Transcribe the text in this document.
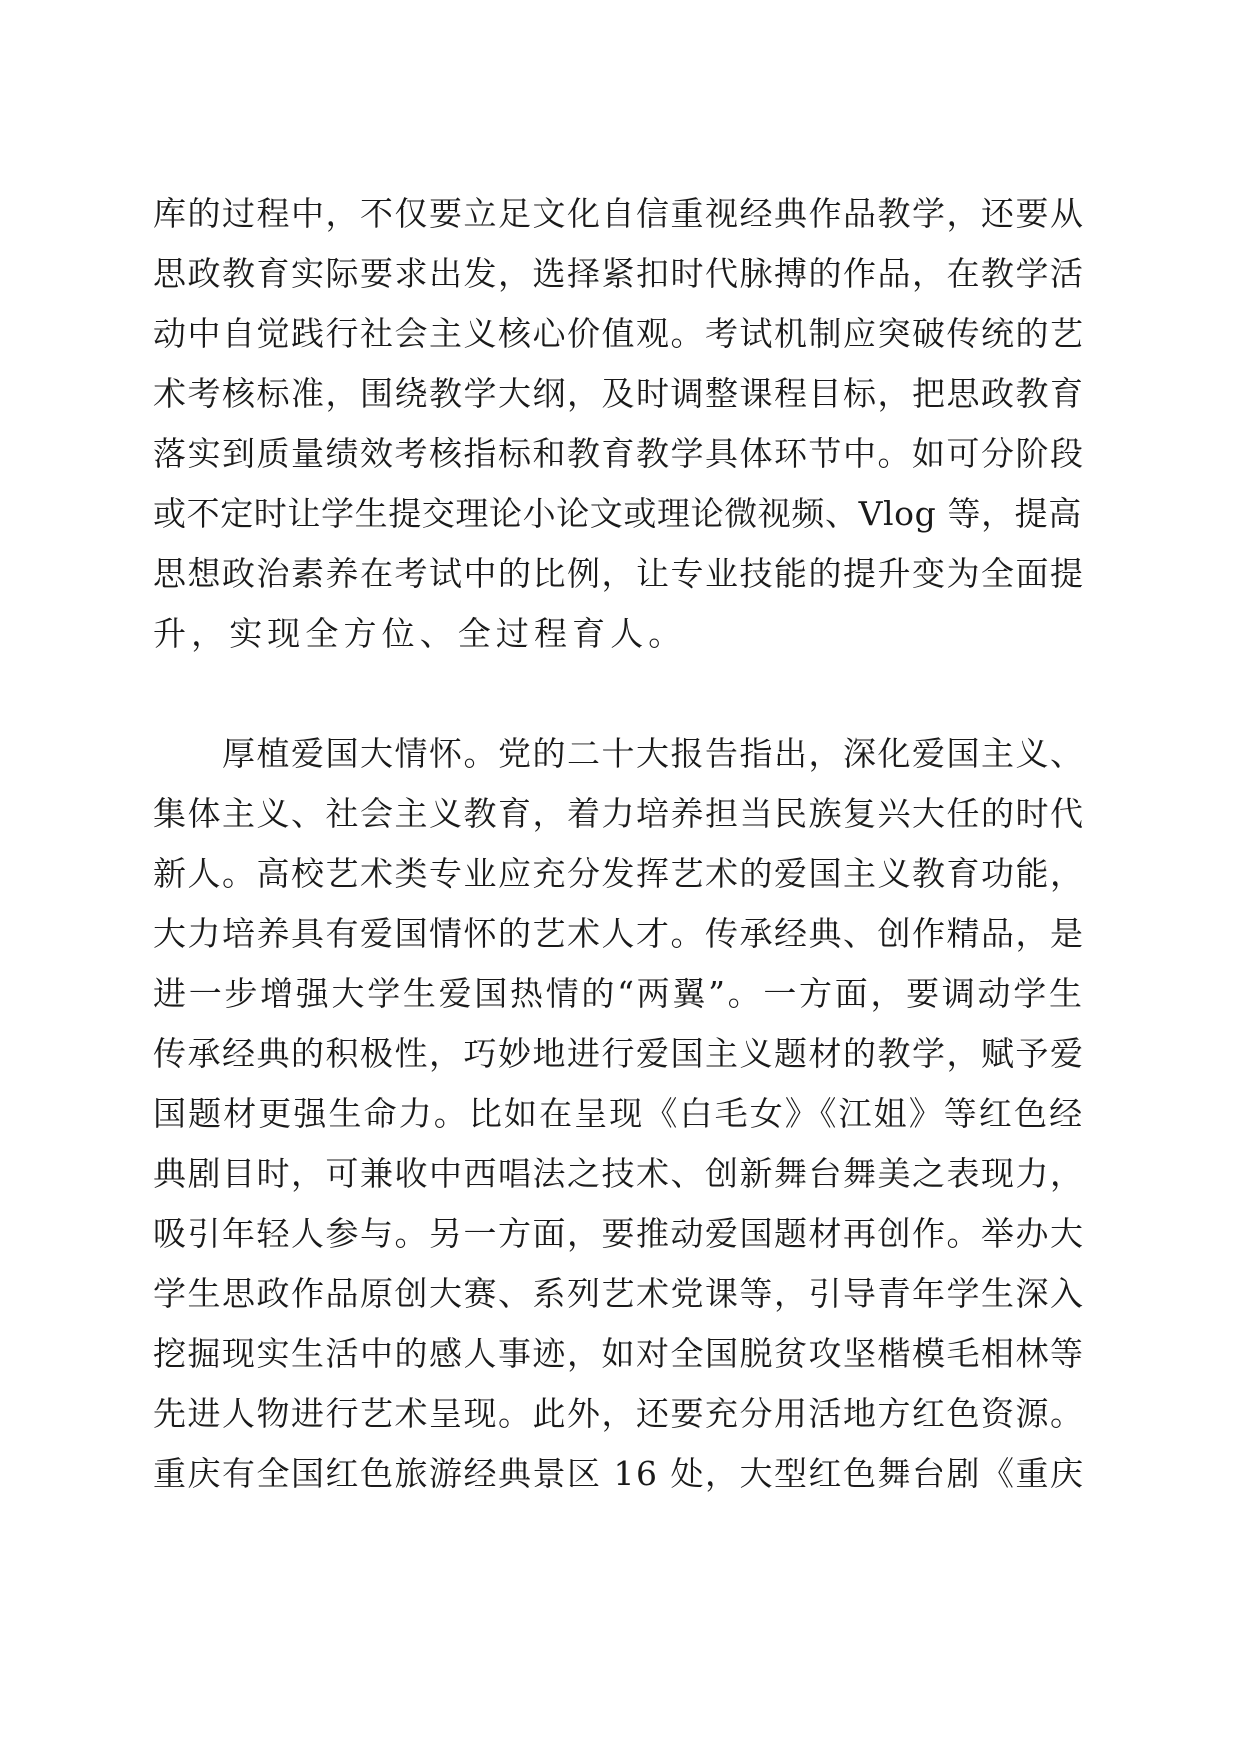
库的过程中，不仅要立足文化自信重视经典作品教学，还要从
思政教育实际要求出发，选择紧扣时代脉搏的作品，在教学活
动中自觉践行社会主义核心价值观。考试机制应突破传统的艺
术考核标准，围绕教学大纲，及时调整课程目标，把思政教育
落实到质量绩效考核指标和教育教学具体环节中。如可分阶段
或不定时让学生提交理论小论文或理论微视频、Vlog 等，提高
思想政治素养在考试中的比例，让专业技能的提升变为全面提
升，实现全方位、全过程育人。
　　厚植爱国大情怀。党的二十大报告指出，深化爱国主义、
集体主义、社会主义教育，着力培养担当民族复兴大任的时代
新人。高校艺术类专业应充分发挥艺术的爱国主义教育功能，
大力培养具有爱国情怀的艺术人才。传承经典、创作精品，是
进一步增强大学生爱国热情的“两翼”。一方面，要调动学生
传承经典的积极性，巧妙地进行爱国主义题材的教学，赋予爱
国题材更强生命力。比如在呈现《白毛女》《江姐》等红色经
典剧目时，可兼收中西唱法之技术、创新舞台舞美之表现力，
吸引年轻人参与。另一方面，要推动爱国题材再创作。举办大
学生思政作品原创大赛、系列艺术党课等，引导青年学生深入
挖掘现实生活中的感人事迹，如对全国脱贫攻坚楷模毛相林等
先进人物进行艺术呈现。此外，还要充分用活地方红色资源。
重庆有全国红色旅游经典景区 16 处，大型红色舞台剧《重庆
